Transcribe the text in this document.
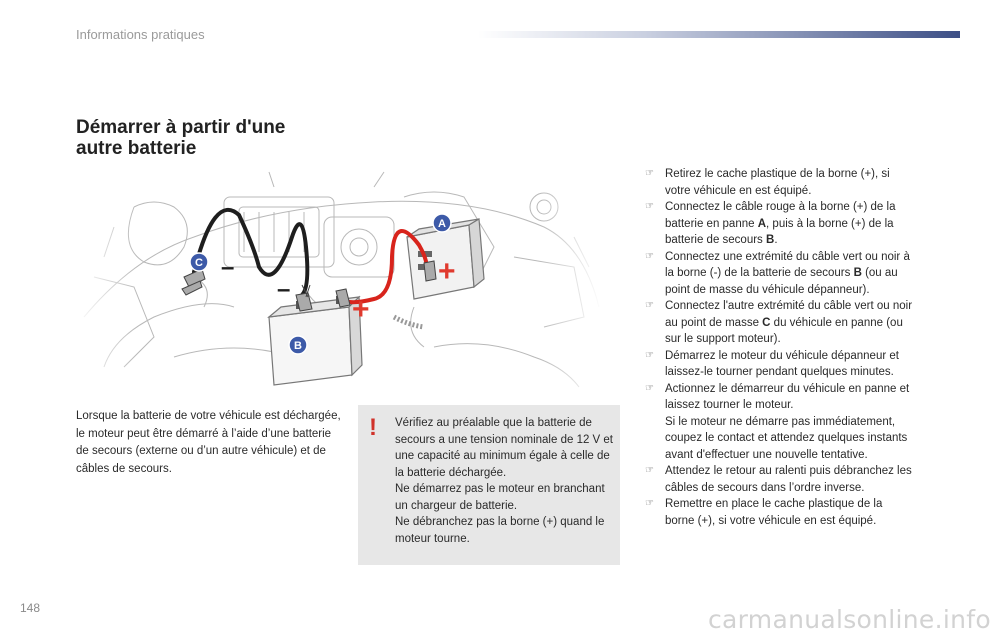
Informations pratiques
Démarrer à partir d'une
autre batterie
Lorsque la batterie de votre véhicule est déchargée, le moteur peut être démarré à l’aide d’une batterie de secours (externe ou d’un autre véhicule) et de câbles de secours.
! Vérifiez au préalable que la batterie de secours a une tension nominale de 12 V et une capacité au minimum égale à celle de la batterie déchargée.
Ne démarrez pas le moteur en branchant un chargeur de batterie.
Ne débranchez pas la borne (+) quand le moteur tourne.
☞ Retirez le cache plastique de la borne (+), si votre véhicule en est équipé.
☞ Connectez le câble rouge à la borne (+) de la batterie en panne A, puis à la borne (+) de la batterie de secours B.
☞ Connectez une extrémité du câble vert ou noir à la borne (-) de la batterie de secours B (ou au point de masse du véhicule dépanneur).
☞ Connectez l'autre extrémité du câble vert ou noir au point de masse C du véhicule en panne (ou sur le support moteur).
☞ Démarrez le moteur du véhicule dépanneur et laissez-le tourner pendant quelques minutes.
☞ Actionnez le démarreur du véhicule en panne et laissez tourner le moteur.
Si le moteur ne démarre pas immédiatement, coupez le contact et attendez quelques instants avant d'effectuer une nouvelle tentative.
☞ Attendez le retour au ralenti puis débranchez les câbles de secours dans l’ordre inverse.
☞ Remettre en place le cache plastique de la borne (+), si votre véhicule en est équipé.
148	carmanualsonline.info
